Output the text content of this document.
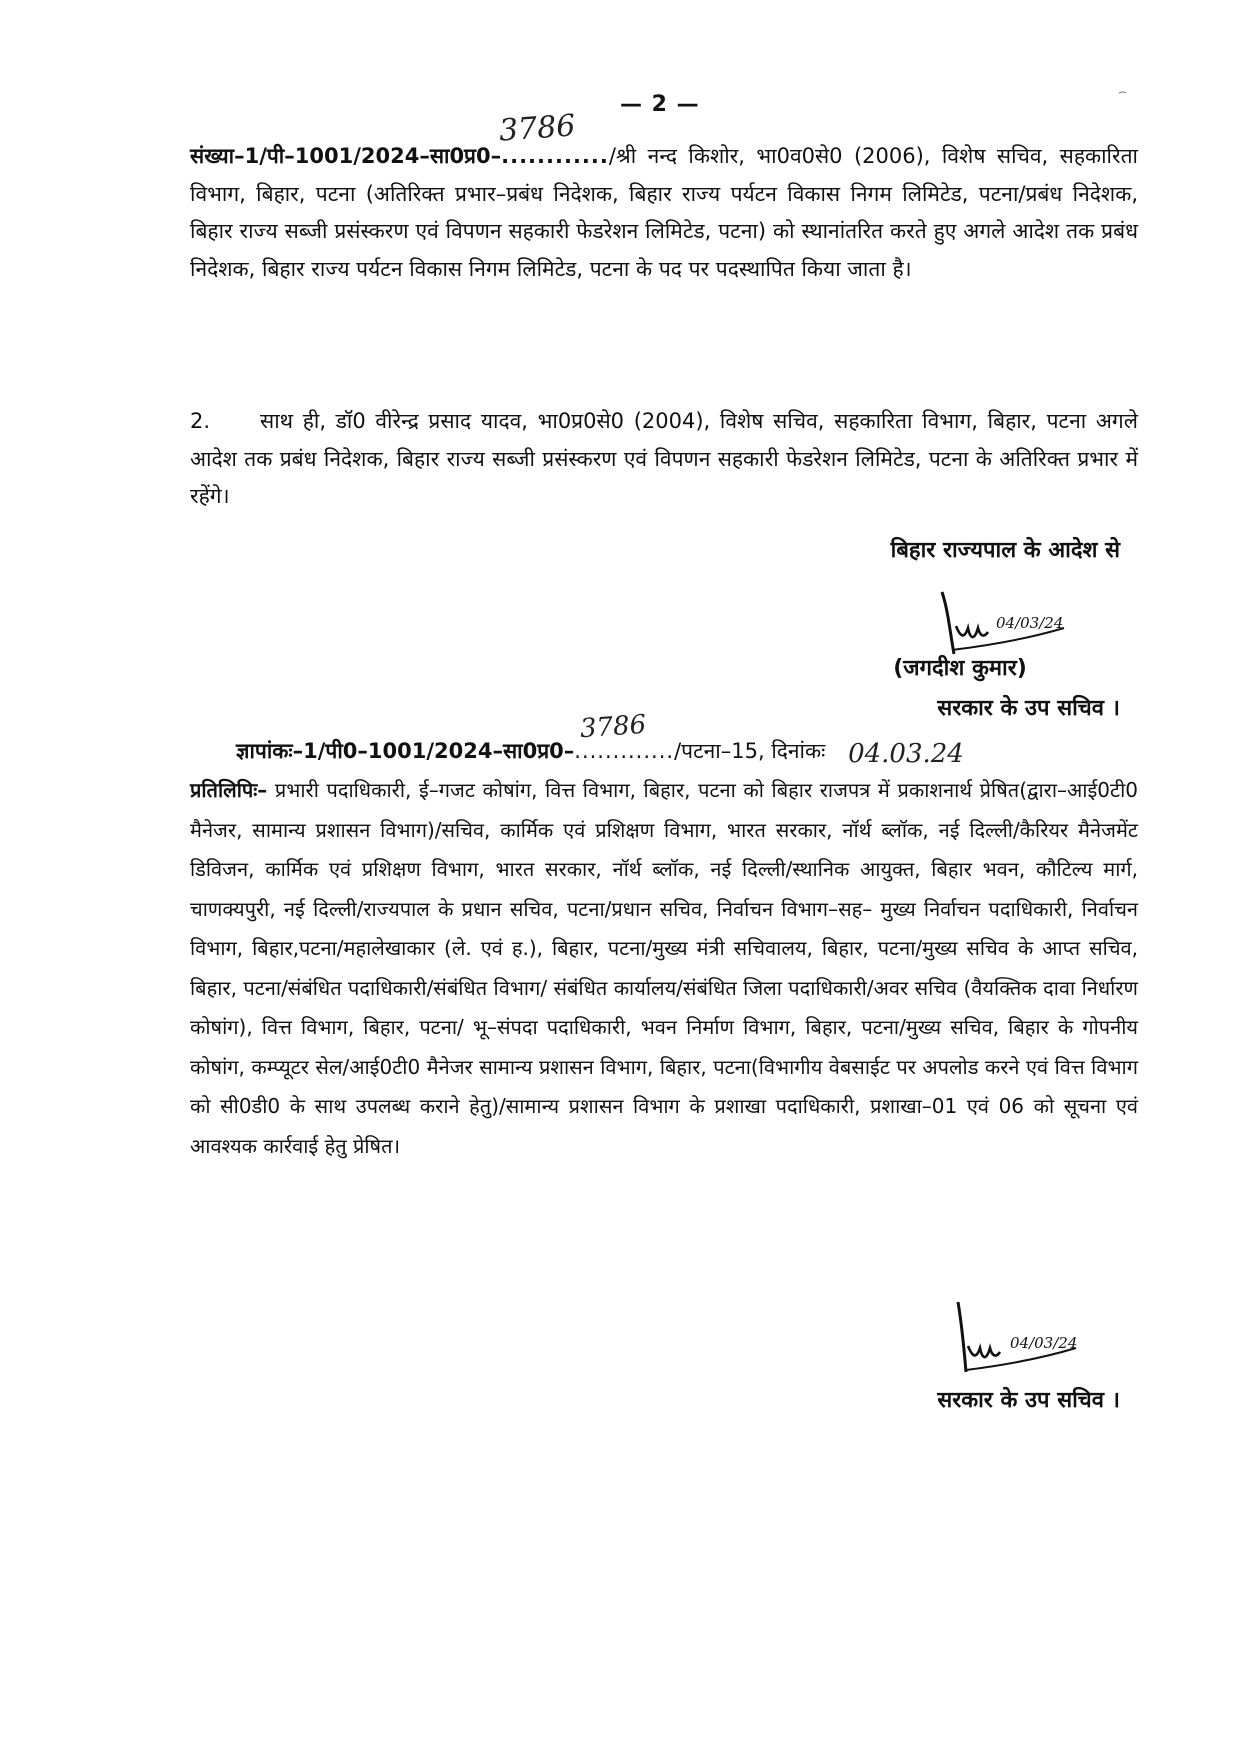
— 2 —	⌢

संख्या–1/पी–1001/2024–सा0प्र0–
3786
............/श्री नन्द किशोर, भा0व0से0 (2006), विशेष सचिव, सहकारिता विभाग, बिहार, पटना (अतिरिक्त प्रभार–प्रबंध निदेशक, बिहार राज्य पर्यटन विकास निगम लिमिटेड, पटना/प्रबंध निदेशक, बिहार राज्य सब्जी प्रसंस्करण एवं विपणन सहकारी फेडरेशन लिमिटेड, पटना) को स्थानांतरित करते हुए अगले आदेश तक प्रबंध निदेशक, बिहार राज्य पर्यटन विकास निगम लिमिटेड, पटना के पद पर पदस्थापित किया जाता है।

2. साथ ही, डॉ0 वीरेन्द्र प्रसाद यादव, भा0प्र0से0 (2004), विशेष सचिव, सहकारिता विभाग, बिहार, पटना अगले आदेश तक प्रबंध निदेशक, बिहार राज्य सब्जी प्रसंस्करण एवं विपणन सहकारी फेडरेशन लिमिटेड, पटना के अतिरिक्त प्रभार में रहेंगे।

बिहार राज्यपाल के आदेश से
04/03/24
(जगदीश कुमार)
सरकार के उप सचिव ।
ज्ञापांकः–1/पी0–1001/2024–सा0प्र0–
3786
............./पटना–15, दिनांकः 04.03.24

प्रतिलिपिः– प्रभारी पदाधिकारी, ई–गजट कोषांग, वित्त विभाग, बिहार, पटना को बिहार राजपत्र में प्रकाशनार्थ प्रेषित(द्वारा–आई0टी0 मैनेजर, सामान्य प्रशासन विभाग)/सचिव, कार्मिक एवं प्रशिक्षण विभाग, भारत सरकार, नॉर्थ ब्लॉक, नई दिल्ली/कैरियर मैनेजमेंट डिविजन, कार्मिक एवं प्रशिक्षण विभाग, भारत सरकार, नॉर्थ ब्लॉक, नई दिल्ली/स्थानिक आयुक्त, बिहार भवन, कौटिल्य मार्ग, चाणक्यपुरी, नई दिल्ली/राज्यपाल के प्रधान सचिव, पटना/प्रधान सचिव, निर्वाचन विभाग–सह– मुख्य निर्वाचन पदाधिकारी, निर्वाचन विभाग, बिहार,पटना/महालेखाकार (ले. एवं ह.), बिहार, पटना/मुख्य मंत्री सचिवालय, बिहार, पटना/मुख्य सचिव के आप्त सचिव, बिहार, पटना/संबंधित पदाधिकारी/संबंधित विभाग/ संबंधित कार्यालय/संबंधित जिला पदाधिकारी/अवर सचिव (वैयक्तिक दावा निर्धारण कोषांग), वित्त विभाग, बिहार, पटना/ भू–संपदा पदाधिकारी, भवन निर्माण विभाग, बिहार, पटना/मुख्य सचिव, बिहार के गोपनीय कोषांग, कम्प्यूटर सेल/आई0टी0 मैनेजर सामान्य प्रशासन विभाग, बिहार, पटना(विभागीय वेबसाईट पर अपलोड करने एवं वित्त विभाग को सी0डी0 के साथ उपलब्ध कराने हेतु)/सामान्य प्रशासन विभाग के प्रशाखा पदाधिकारी, प्रशाखा–01 एवं 06 को सूचना एवं आवश्यक कार्रवाई हेतु प्रेषित।

04/03/24
सरकार के उप सचिव ।
